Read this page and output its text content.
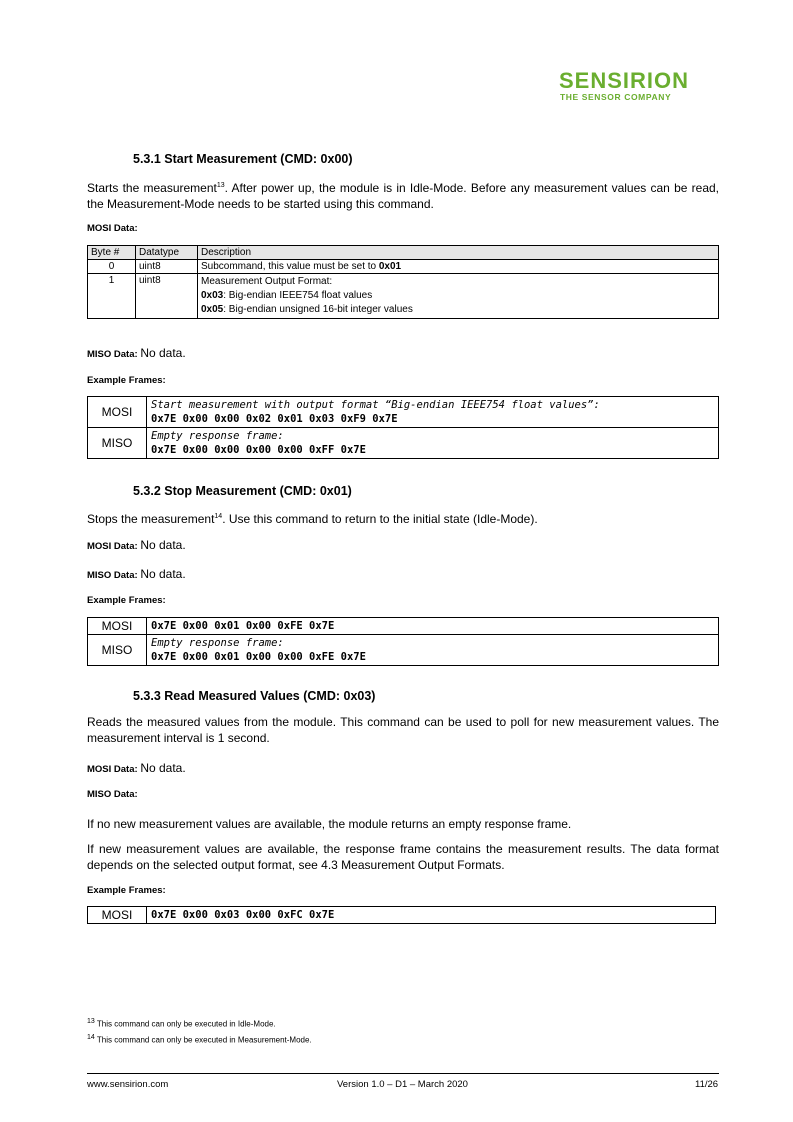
SENSIRION
THE SENSOR COMPANY
5.3.1 Start Measurement (CMD: 0x00)
Starts the measurement$^{13}$. After power up, the module is in Idle-Mode. Before any measurement values can be read, the Measurement-Mode needs to be started using this command.
MOSI Data:
Byte #	Datatype	Description
0	uint8	Subcommand, this value must be set to 0x01
1	uint8	Measurement Output Format:
0x03: Big-endian IEEE754 float values
0x05: Big-endian unsigned 16-bit integer values
MISO Data: No data.
Example Frames:
MOSI	Start measurement with output format “Big-endian IEEE754 float values”:
0x7E 0x00 0x00 0x02 0x01 0x03 0xF9 0x7E

MISO	Empty response frame:
0x7E 0x00 0x00 0x00 0x00 0xFF 0x7E
5.3.2 Stop Measurement (CMD: 0x01)
Stops the measurement$^{14}$. Use this command to return to the initial state (Idle-Mode).
MOSI Data: No data.
MISO Data: No data.
Example Frames:
MOSI	0x7E 0x00 0x01 0x00 0xFE 0x7E

MISO	Empty response frame:
0x7E 0x00 0x01 0x00 0x00 0xFE 0x7E
5.3.3 Read Measured Values (CMD: 0x03)
Reads the measured values from the module. This command can be used to poll for new measurement values. The measurement interval is 1 second.
MOSI Data: No data.
MISO Data:
If no new measurement values are available, the module returns an empty response frame.
If new measurement values are available, the response frame contains the measurement results. The data format depends on the selected output format, see 4.3 Measurement Output Formats.
Example Frames:
MOSI	0x7E 0x00 0x03 0x00 0xFC 0x7E
$^{13}$ This command can only be executed in Idle-Mode.
$^{14}$ This command can only be executed in Measurement-Mode.
www.sensirion.com	Version 1.0 – D1 – March 2020	11/26
